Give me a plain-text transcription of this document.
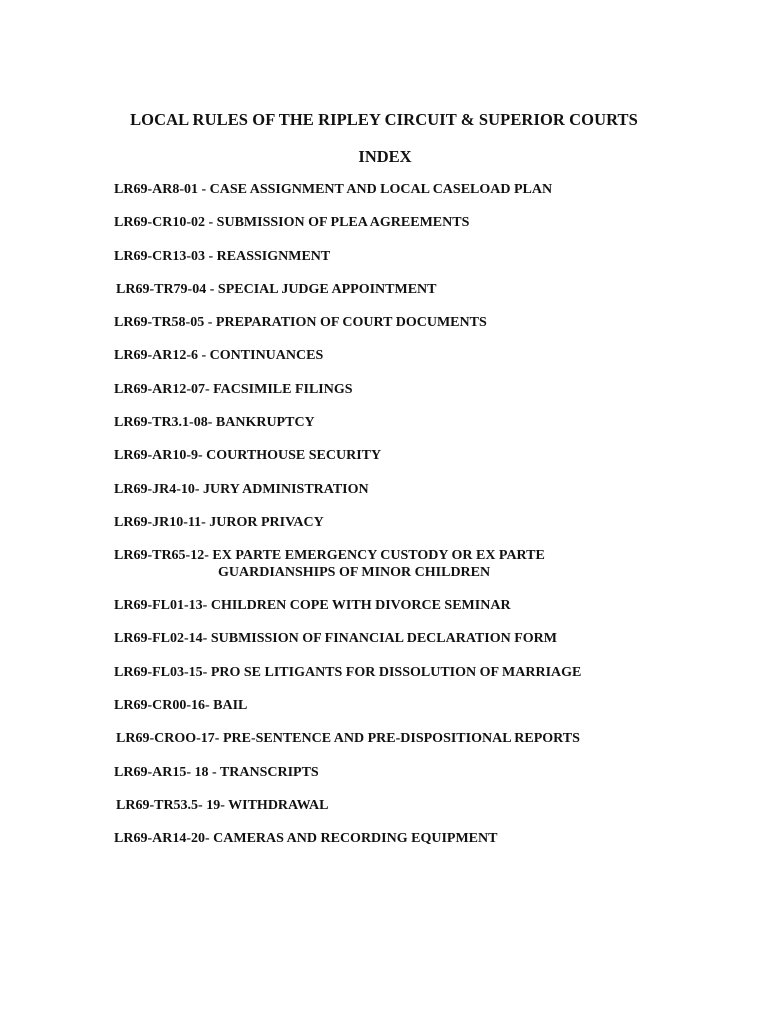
LOCAL RULES OF THE RIPLEY CIRCUIT & SUPERIOR COURTS
INDEX
LR69-AR8-01 - CASE ASSIGNMENT AND LOCAL CASELOAD PLAN
LR69-CR10-02 - SUBMISSION OF PLEA AGREEMENTS
LR69-CR13-03 - REASSIGNMENT
LR69-TR79-04 - SPECIAL JUDGE APPOINTMENT
LR69-TR58-05 - PREPARATION OF COURT DOCUMENTS
LR69-AR12-6 - CONTINUANCES
LR69-AR12-07- FACSIMILE FILINGS
LR69-TR3.1-08- BANKRUPTCY
LR69-AR10-9- COURTHOUSE SECURITY
LR69-JR4-10- JURY ADMINISTRATION
LR69-JR10-11- JUROR PRIVACY
LR69-TR65-12- EX PARTE EMERGENCY CUSTODY OR EX PARTE
GUARDIANSHIPS OF MINOR CHILDREN
LR69-FL01-13- CHILDREN COPE WITH DIVORCE SEMINAR
LR69-FL02-14- SUBMISSION OF FINANCIAL DECLARATION FORM
LR69-FL03-15- PRO SE LITIGANTS FOR DISSOLUTION OF MARRIAGE
LR69-CR00-16- BAIL
LR69-CROO-17- PRE-SENTENCE AND PRE-DISPOSITIONAL REPORTS
LR69-AR15- 18 - TRANSCRIPTS
LR69-TR53.5- 19- WITHDRAWAL
LR69-AR14-20- CAMERAS AND RECORDING EQUIPMENT
